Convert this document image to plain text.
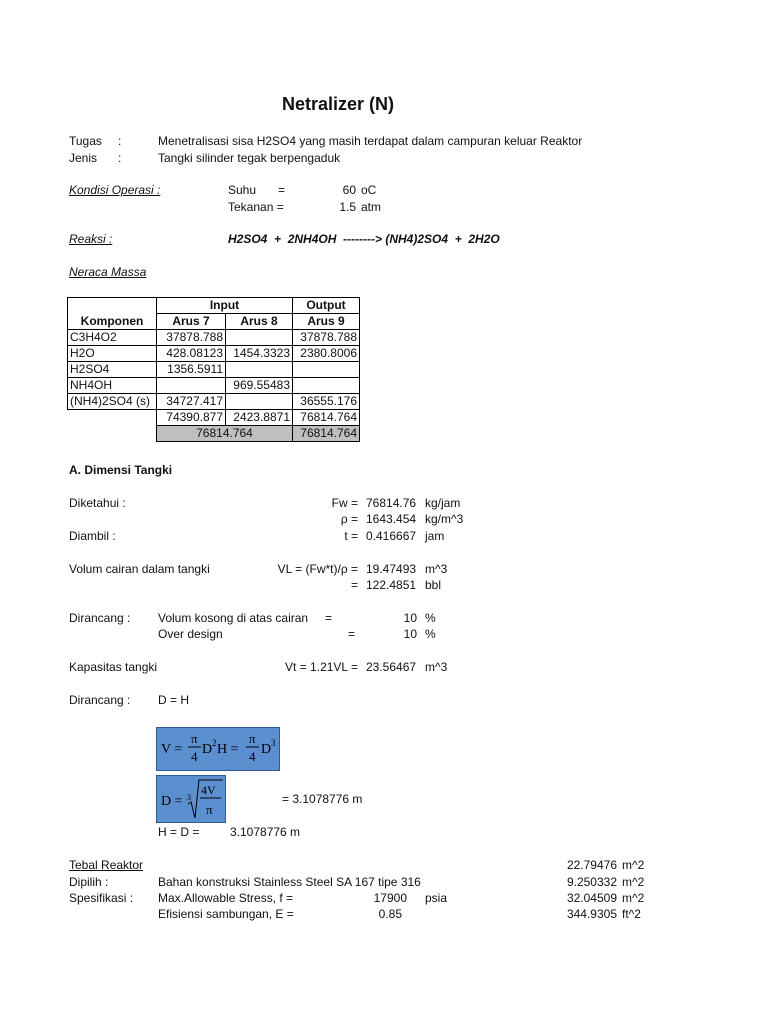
Netralizer (N)
Tugas :	Menetralisasi sisa H2SO4 yang masih terdapat dalam campuran keluar Reaktor
Jenis :	Tangki silinder tegak berpengaduk
Kondisi Operasi :	Suhu =	60 oC
Tekanan =	1.5 atm
Reaksi :	H2SO4  +  2NH4OH  --------> (NH4)2SO4  +  2H2O
Neraca Massa
	Input		Output
Komponen	Arus 7	Arus 8	Arus 9
C3H4O2	37878.788		37878.788
H2O	428.08123	1454.3323	2380.8006
H2SO4	1356.5911		
NH4OH		969.55483	
(NH4)2SO4 (s)	34727.417		36555.176
	74390.877	2423.8871	76814.764
	76814.764		76814.764
A. Dimensi Tangki
Diketahui :	Fw = 76814.76 kg/jam
ρ = 1643.454 kg/m^3
Diambil :	t = 0.416667 jam
Volum cairan dalam tangki	VL = (Fw*t)/ρ = 19.47493 m^3
= 122.4851 bbl
Dirancang : Volum kosong di atas cairan =	10 %
Over design	=	10 %
Kapasitas tangki	Vt = 1.21VL = 23.56467 m^3
Dirancang : D = H
V =
π
4 D 2 H =
π
4 D 3
D = 3
4V
π
= 3.1078776 m
H = D =	3.1078776 m
Tebal Reaktor
Dipilih :	Bahan konstruksi Stainless Steel SA 167 tipe 316
Spesifikasi : Max.Allowable Stress, f =	17900 psia
Efisiensi sambungan, E =	0.85
22.79476 m^2
9.250332 m^2
32.04509 m^2
344.9305 ft^2
